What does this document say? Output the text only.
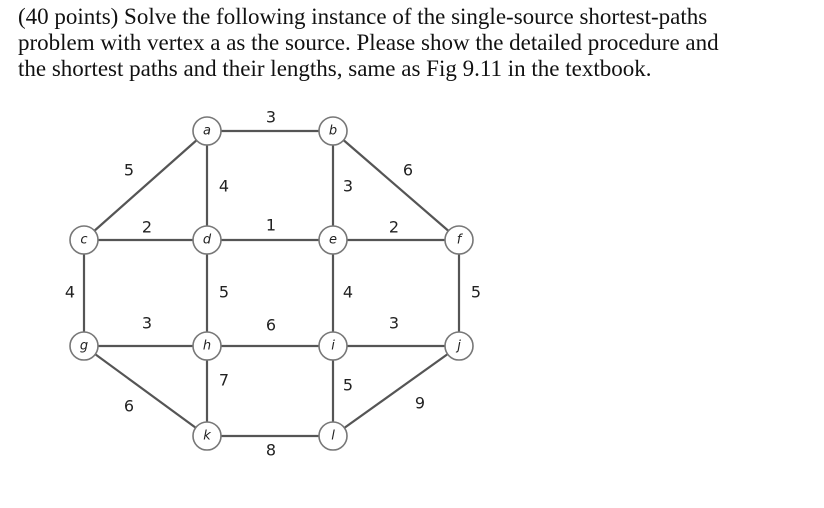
(40 points) Solve the following instance of the single-source shortest-paths
problem with vertex a as the source. Please show the detailed procedure and
the shortest paths and their lengths, same as Fig 9.11 in the textbook.
3
5
4	3
6
2	1	2
4	5	4	5
3	6	3
6
7	5
9
8
a	b
c	d	e	f
g	h	i	j
k	l
